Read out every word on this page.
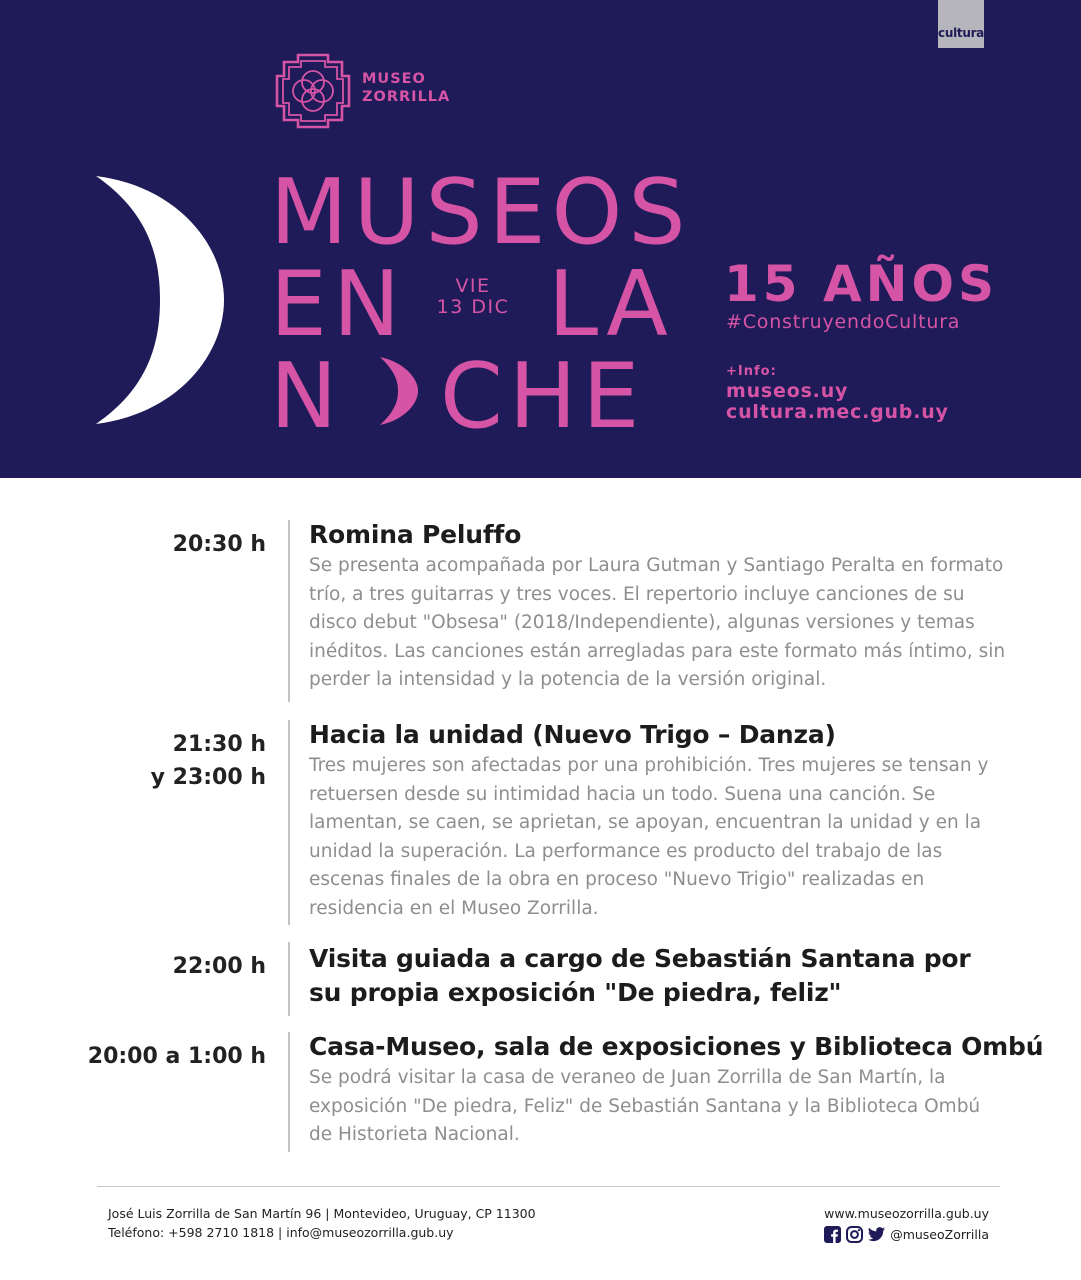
cultura
MUSEO
ZORRILLA
MUSEOS
EN	VIE
13 DIC LA
N CHE
15 AÑOS
#ConstruyendoCultura
+Info:
museos.uy
cultura.mec.gub.uy
20:30 h Romina Peluffo

Se presenta acompañada por Laura Gutman y Santiago Peralta en formato trío, a tres guitarras y tres voces. El repertorio incluye canciones de su disco debut "Obsesa" (2018/Independiente), algunas versiones y temas inéditos. Las canciones están arregladas para este formato más íntimo, sin perder la intensidad y la potencia de la versión original.

21:30 h
y 23:00 h

Hacia la unidad (Nuevo Trigo – Danza)

Tres mujeres son afectadas por una prohibición. Tres mujeres se tensan y retuersen desde su intimidad hacia un todo. Suena una canción. Se lamentan, se caen, se aprietan, se apoyan, encuentran la unidad y en la unidad la superación. La performance es producto del trabajo de las escenas finales de la obra en proceso "Nuevo Trigio" realizadas en residencia en el Museo Zorrilla.

22:00 h Visita guiada a cargo de Sebastián Santana por su propia exposición "De piedra, feliz"

20:00 a 1:00 h Casa-Museo, sala de exposiciones y Biblioteca Ombú

Se podrá visitar la casa de veraneo de Juan Zorrilla de San Martín, la exposición "De piedra, Feliz" de Sebastián Santana y la Biblioteca Ombú de Historieta Nacional.

José Luis Zorrilla de San Martín 96 | Montevideo, Uruguay, CP 11300
Teléfono: +598 2710 1818 | info@museozorrilla.gub.uy
www.museozorrilla.gub.uy
@museoZorrilla
